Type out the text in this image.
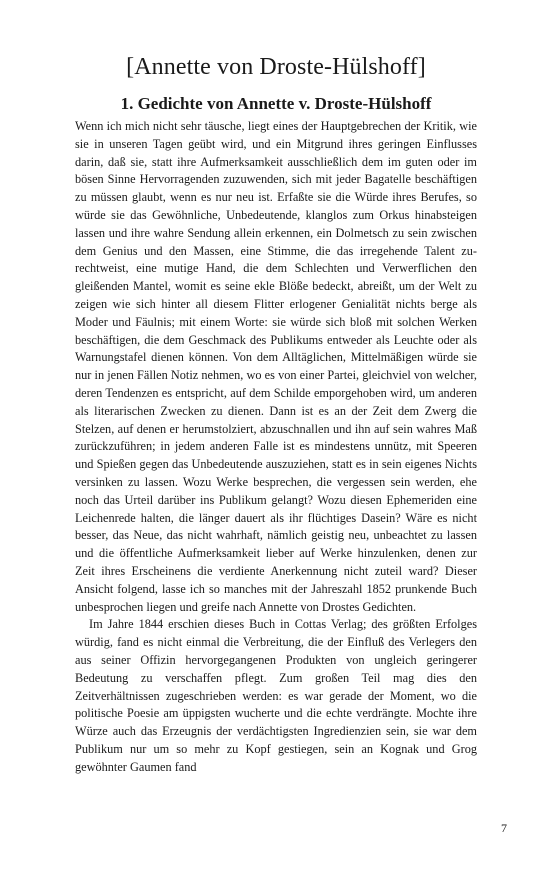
[Annette von Droste-Hülshoff]
1. Gedichte von Annette v. Droste-Hülshoff

Wenn ich mich nicht sehr täusche, liegt eines der Hauptgebrechen der Kritik, wie sie in unseren Tagen geübt wird, und ein Mitgrund ihres geringen Einflusses darin, daß sie, statt ihre Aufmerksamkeit ausschließlich dem im guten oder im bösen Sinne Hervorragenden zuzuwenden, sich mit jeder Bagatelle beschäftigen zu müssen glaubt, wenn es nur neu ist. Erfaßte sie die Würde ihres Berufes, so würde sie das Gewöhnliche, Unbedeutende, klanglos zum Orkus hinabsteigen lassen und ihre wahre Sendung allein erkennen, ein Dolmetsch zu sein zwischen dem Genius und den Massen, eine Stimme, die das irregehende Talent zurechtweist, eine mutige Hand, die dem Schlechten und Verwerflichen den gleißenden Mantel, womit es seine ekle Blöße bedeckt, abreißt, um der Welt zu zeigen wie sich hinter all diesem Flitter erlogener Genialität nichts berge als Moder und Fäulnis; mit einem Worte: sie würde sich bloß mit solchen Werken beschäftigen, die dem Geschmack des Publikums entweder als Leuchte oder als Warnungstafel dienen können. Von dem Alltäglichen, Mittelmäßigen würde sie nur in jenen Fällen Notiz nehmen, wo es von einer Partei, gleichviel von welcher, deren Tendenzen es entspricht, auf dem Schilde emporgehoben wird, um anderen als literarischen Zwecken zu dienen. Dann ist es an der Zeit dem Zwerg die Stelzen, auf denen er herumstolziert, abzuschnallen und ihn auf sein wahres Maß zurückzuführen; in jedem anderen Falle ist es mindestens unnütz, mit Speeren und Spießen gegen das Unbedeutende auszuziehen, statt es in sein eigenes Nichts versinken zu lassen. Wozu Werke besprechen, die vergessen sein werden, ehe noch das Urteil darüber ins Publikum gelangt? Wozu diesen Ephemeriden eine Leichenrede halten, die länger dauert als ihr flüchtiges Dasein? Wäre es nicht besser, das Neue, das nicht wahrhaft, nämlich geistig neu, unbeachtet zu lassen und die öffentliche Aufmerksamkeit lieber auf Werke hinzulenken, denen zur Zeit ihres Erscheinens die verdiente Anerkennung nicht zuteil ward? Dieser Ansicht folgend, lasse ich so manches mit der Jahreszahl 1852 prunkende Buch unbesprochen liegen und greife nach Annette von Drostes Gedichten.

Im Jahre 1844 erschien dieses Buch in Cottas Verlag; des größten Erfolges würdig, fand es nicht einmal die Verbreitung, die der Einfluß des Verlegers den aus seiner Offizin hervorgegangenen Produkten von ungleich geringerer Bedeutung zu verschaffen pflegt. Zum großen Teil mag dies den Zeitverhältnissen zugeschrieben werden: es war gerade der Moment, wo die politische Poesie am üppigsten wucherte und die echte verdrängte. Mochte ihre Würze auch das Erzeugnis der verdächtigsten Ingredienzien sein, sie war dem Publikum nur um so mehr zu Kopf gestiegen, sein an Kognak und Grog gewöhnter Gaumen fand

7
